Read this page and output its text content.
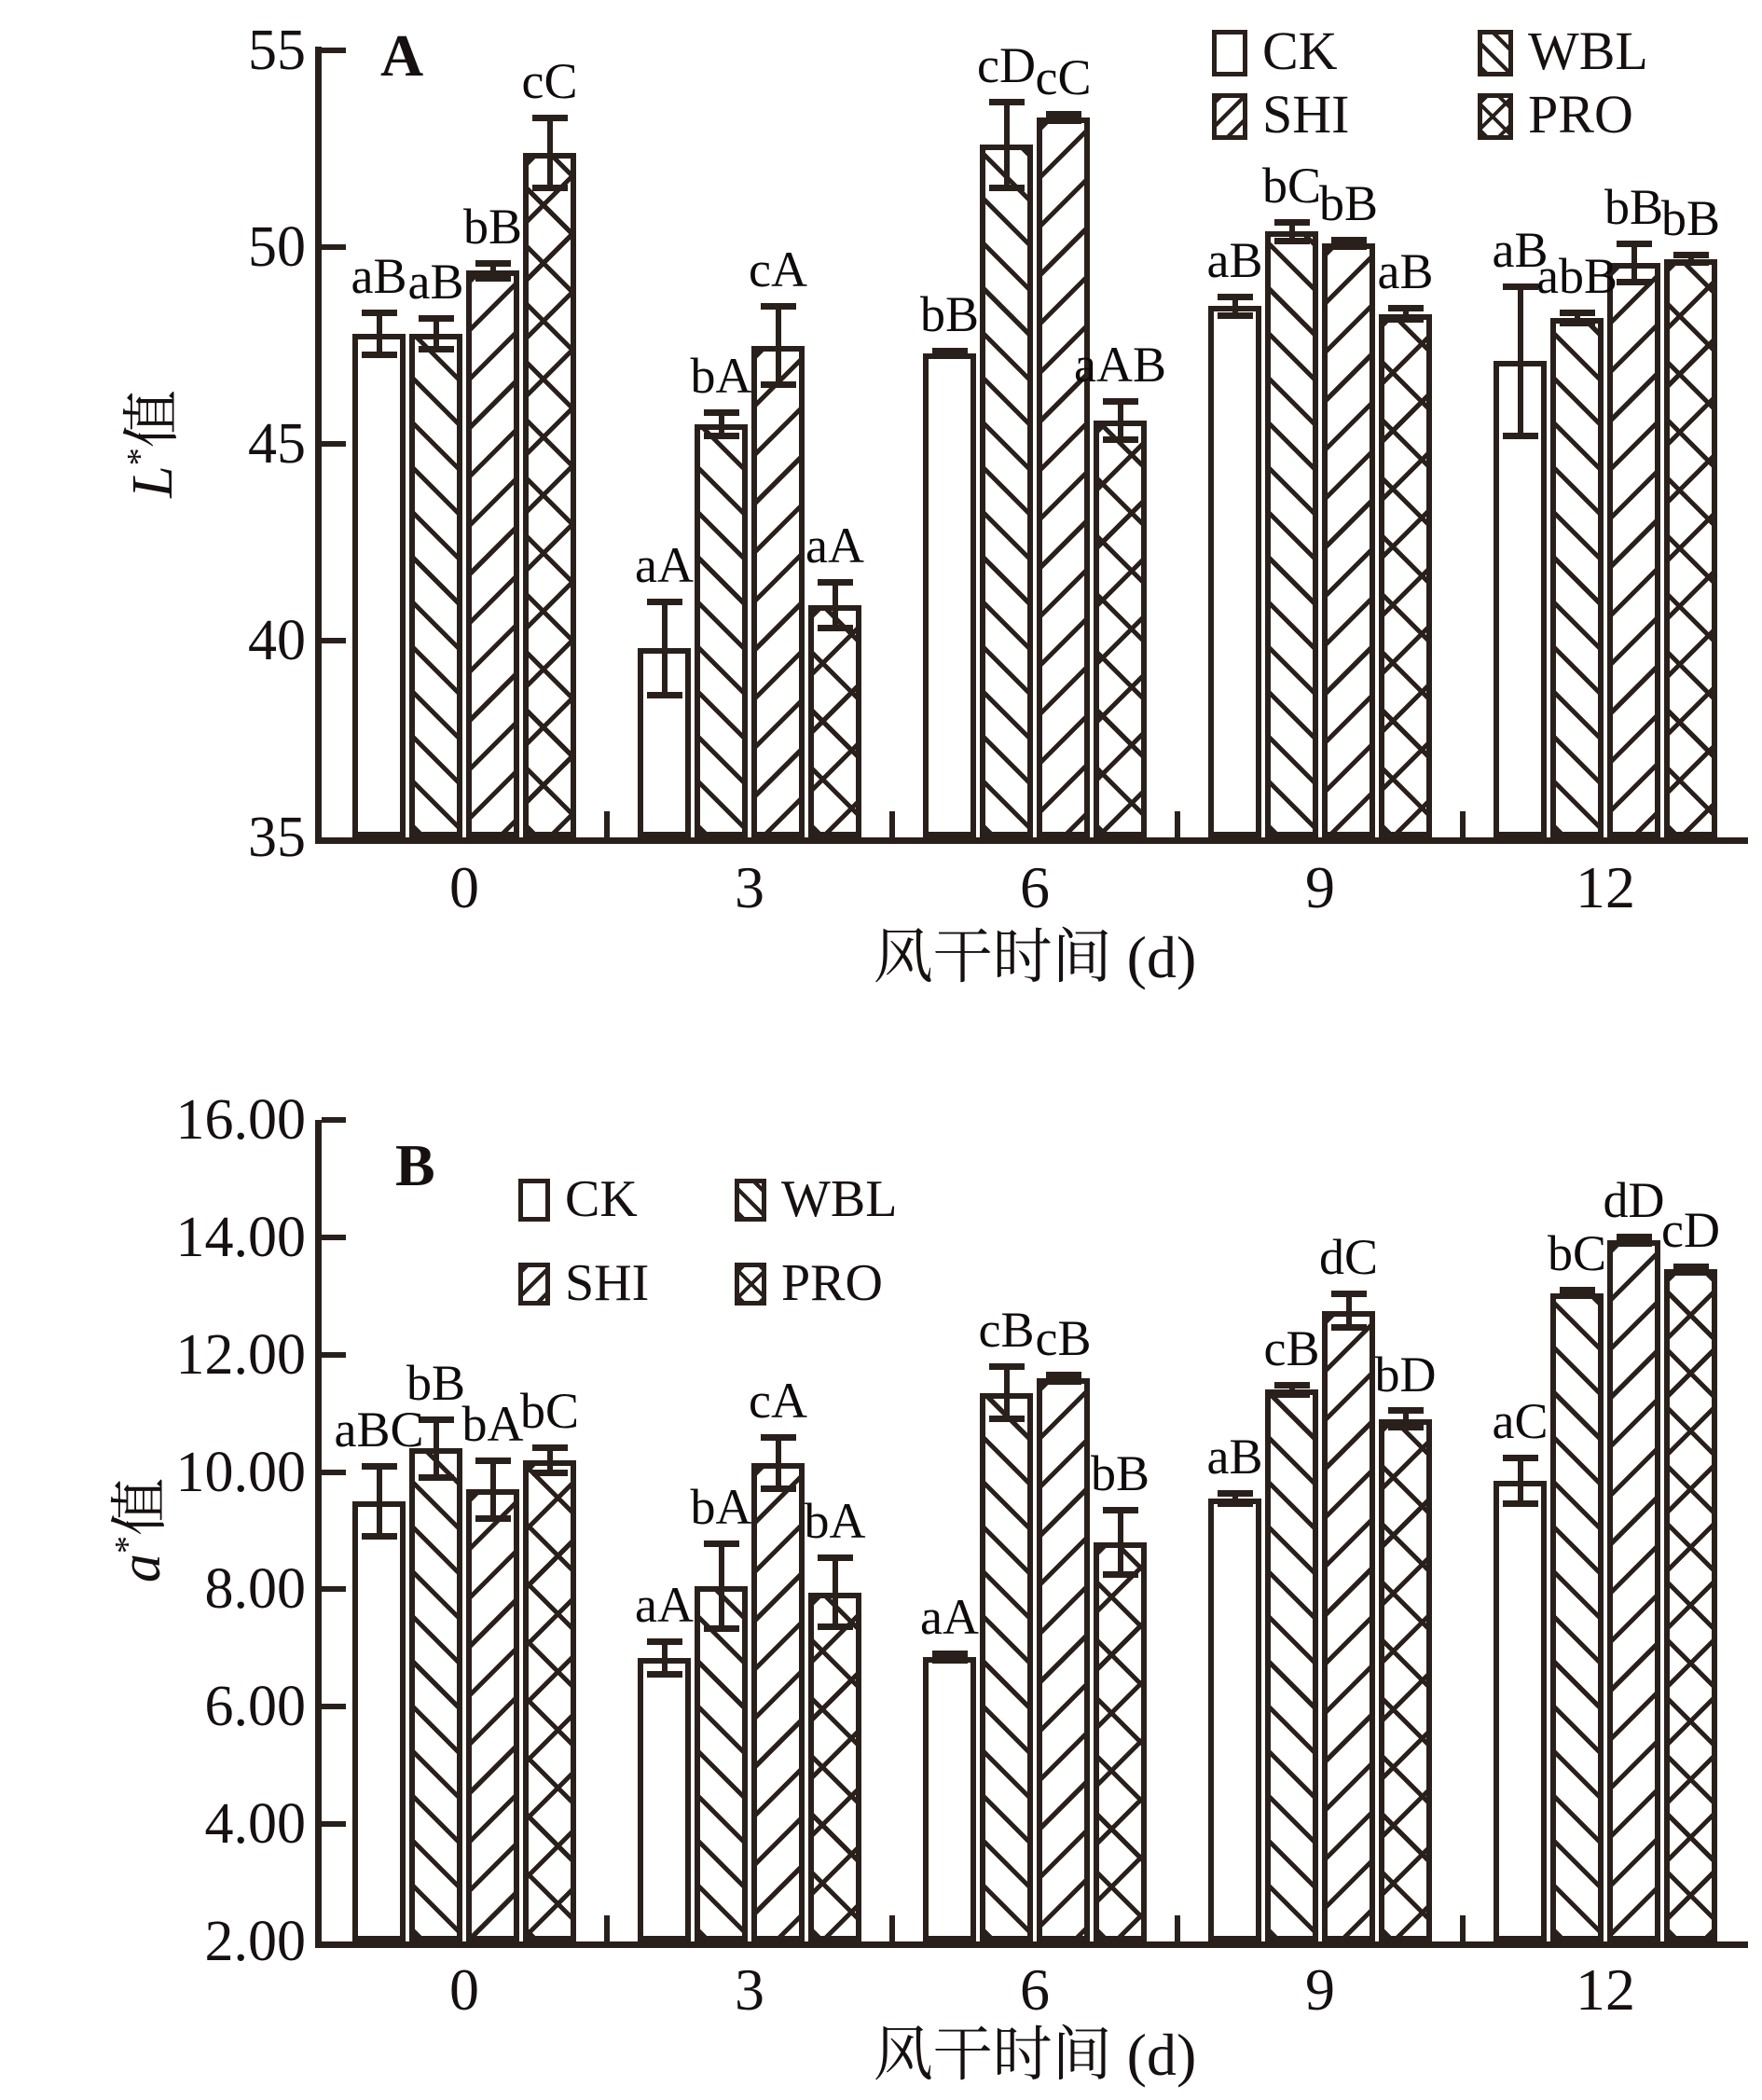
A
L*值
aB aB
bB
cC
aA
bA
cA
aA
bB
cD cC
aAB
aB
bC
bB
aB aB
abB
bB
bB
风干时间 (d)
B
a*值
aBC
bB
bA
bC
aA
bA
cA
bA
aA
cB cB
bB aB
cB
dC
bD
aC
bC
dD
cD
风干时间 (d)
35
40
45
50
55
0	3	6	9	12
CK	WBL
SHI	PRO
2.00
4.00
6.00
8.00
10.00
12.00
14.00
16.00
0	3	6	9	12
CK	WBL
SHI	PRO
